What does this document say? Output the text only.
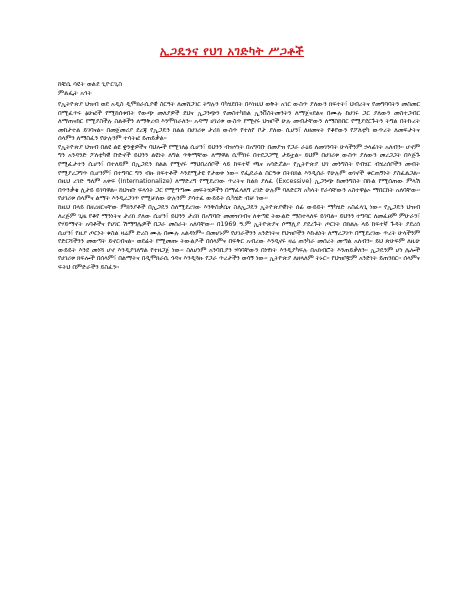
ኢጋዴንና የህገ አገድካት ሥጋቶች
ከቹሴ ሳዩት ወልደ ጊዮርጊስ
ምልፌት አጎት

የኢትዮጵያ ህዝብ ወደ አዲስ ዲሞክራሲያዊ ስርዓት ለመሸጋገር ትግሉን ባካሄደበት በእነዚህ ወቅት አገር ውስጥ ያለውን ክፍተት፣ ህብረትና የመግባባትን መስመር በሚፈጥሩ ፅሁፎች የሚከሰቱበት የውጭ መለያዎች ደህና ኢጋንጭን የመስተካከል ኢንቨስትመንትን ለማጀናደልና በሙሉ ከሀገሩ ጋር ያለውን መስተጋብር ለማጠናከር የሚያስችሉ ስልቶችን ለማቅረብ እንሞክራለን፡፡ አዳማ ሀገሪቱ ውስጥ የሚኖሩ ህዝቦች ሁሉ መብታቸውን ለማስከበር የሚያደርጉትን ትግል በትኩረት መከታተል ይገባናል፡፡ በመጀመሪያ ደረጃ የኢጋዴን ክልል በሀገሪቱ ታሪክ ውስጥ የተለየ ቦታ ያለው ሲሆን፣ ለዘመናት የቆየውን የፖለቲካ ውጥረት ለመፍታትና ሰላምን ለማስፈን የሁሉንም ተሳትፎ ይጠይቃል፡፡

የኢትዮጵያ ህዝብ በልዩ ልዩ ቋንቋዎችና ባህሎች የሚገለፅ ሲሆን፣ ይህንን ብዝሃነት በአግባቡ በመያዝ የጋራ ራዕይ ለመገንባት ሁላችንም ኃላፊነት አለብን፡፡ ሆኖም ግን አንዳንድ ፖለቲካዊ ቡድኖች ይህንን ልዩነት ለግል ጥቅማቸው ለማዋል ሲሞክሩ በተደጋጋሚ ታይቷል፡፡ ይህም በሀገሪቱ ውስጥ ያለውን መረጋጋት በእጅጉ የሚፈታተን ሲሆን፣ በተለይም በኢጋዴን ክልል የሚኖሩ ማህበረሰቦች ላይ ከፍተኛ ጫና አሳድሯል፡፡ የኢትዮጵያ ህገ መንግስት የብሄር ብሄረሰቦችን መብት የሚያረጋግጥ ቢሆንም፣ በተግባር ግን ብዙ ክፍተቶች እንደሚታዩ የታወቀ ነው፡፡ የፌዴራል ስርዓቱ በትክክል እንዲሰራ የሁሉም ወገኖች ቁርጠኝነት ያስፈልጋል፡፡ በዚህ ረገድ ዓለም አቀፍ (Internationalize) ለማድረግ የሚደረገው ጥረትና ከልክ ያለፈ (Excessive) ኢጋንጭ ከመንግስት በኩል የሚሰጠው ምላሽ በጥንቃቄ ሊታይ ይገባዋል፡፡ ከህዝቡ ፍላጎት ጋር የሚጣጣሙ መፍትሄዎችን በማፈላለግ ረገድ ሁሉም ባለድርሻ አካላት የራሳቸውን አስተዋፅኦ ማበርከት አለባቸው፡፡ የሀገሪቱ ሰላምና ልማት እንዲረጋገጥ የሚቻለው ሁሉንም ያሳተፈ ውይይት ሲካሄድ ብቻ ነው፡፡

ከዚህ በላይ በዘረዘርናቸው ምክንያቶች በኢጋዴን ስለሚደረገው እንቅስቃሴና ስለኢጋዴን ኢትዮጵያዊነት ሰፊ ውይይት ማካሄድ አስፈላጊ ነው፡፡ የኢጋዴን ህዝብ ለረጅም ጊዜ የቆየ ማንነትና ታሪክ ያለው ሲሆን፣ ይህንን ታሪክ በአግባቡ መመዝገብና ለቀጣዩ ትውልድ ማስተላለፍ ይገባል፡፡ ይህንን ተግባር ለመፈፀም ምሁራን፣ የሃይማኖት አባቶችና የሀገር ሽማግሌዎች በጋራ መስራት አለባቸው፡፡ በ1969 ዓ.ም ኢትዮጵያና ሶማሊያ ያደረጉት ጦርነት በክልሉ ላይ ከፍተኛ ጉዳት ያደረሰ ሲሆን፣ የዚያ ጦርነት ቁስል ዛሬም ድረስ ሙሉ በሙሉ አልዳነም፡፡ በመሆኑም የሀገራችንን አንድነትና የህዝቦችን እኩልነት ለማረጋገጥ በሚደረገው ጥረት ሁላችንም የድርሻችንን መወጣት ይኖርብናል፡፡ ወደፊት የሚመጡ ትውልዶች በሰላምና በፍቅር አብረው እንዲኖሩ ዛሬ ጠንካራ መሰረት መጣል አለብን፡፡ ይህ ጽሁፍም ለዚሁ ውይይት እንደ መነሻ ሆኖ እንዲያገለግል የተዘጋጀ ነው፡፡ ስለሆነም አንባቢያን ሃሳባቸውን በነፃነት እንዲያካፍሉ በአክብሮት እንጠይቃለን፡፡ ኢጋዴንም ሆነ ሌሎች የሀገሪቱ ክፍሎች በሰላም፣ በልማትና በዲሞክራሲ ጎዳና እንዲጓዙ የጋራ ጥረታችን ወሳኝ ነው፡፡ ኢትዮጵያ ለዘላለም ትኑር፡፡ የህዝቦቿም አንድነት ይጠንክር፡፡ ሰላምና ፍትህ በምድራችን ይስፈን፡፡
